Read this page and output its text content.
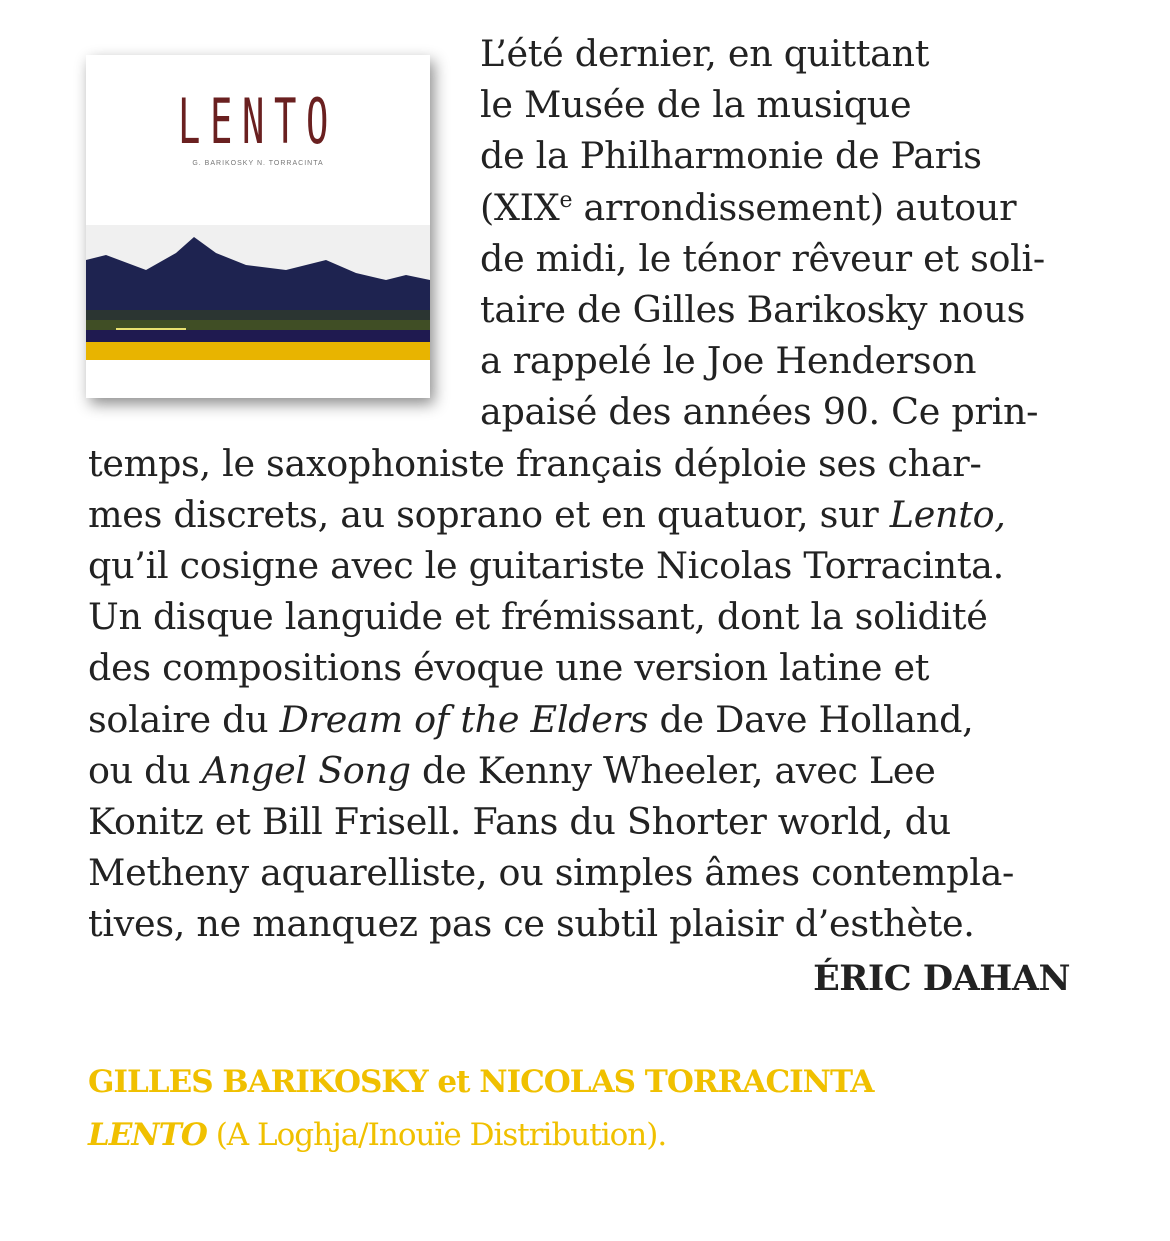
LENTO
G. BARIKOSKY N. TORRACINTA
L’été dernier, en quittant
le Musée de la musique
de la Philharmonie de Paris
(XIXe arrondissement) autour
de midi, le ténor rêveur et soli-
taire de Gilles Barikosky nous
a rappelé le Joe Henderson
apaisé des années 90. Ce prin-
temps, le saxophoniste français déploie ses char-
mes discrets, au soprano et en quatuor, sur Lento,
qu’il cosigne avec le guitariste Nicolas Torracinta.
Un disque languide et frémissant, dont la solidité
des compositions évoque une version latine et
solaire du Dream of the Elders de Dave Holland,
ou du Angel Song de Kenny Wheeler, avec Lee
Konitz et Bill Frisell. Fans du Shorter world, du
Metheny aquarelliste, ou simples âmes contempla-
tives, ne manquez pas ce subtil plaisir d’esthète.
ÉRIC DAHAN
GILLES BARIKOSKY et NICOLAS TORRACINTA
LENTO (A Loghja/Inouïe Distribution).
